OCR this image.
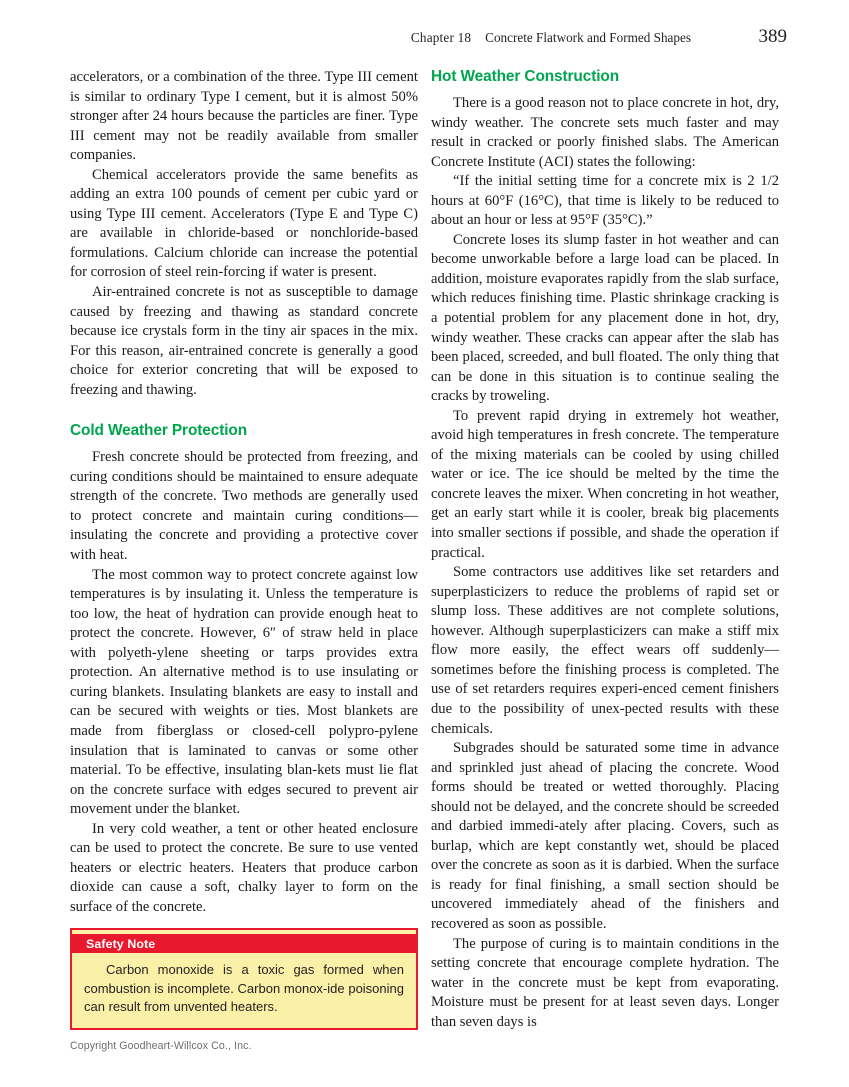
Chapter 18 Concrete Flatwork and Formed Shapes	389

accelerators, or a combination of the three. Type III cement is similar to ordinary Type I cement, but it is almost 50% stronger after 24 hours because the particles are finer. Type III cement may not be readily available from smaller companies.

Chemical accelerators provide the same benefits as adding an extra 100 pounds of cement per cubic yard or using Type III cement. Accelerators (Type E and Type C) are available in chloride-based or nonchloride-based formulations. Calcium chloride can increase the potential for corrosion of steel rein‐forcing if water is present.

Air-entrained concrete is not as susceptible to damage caused by freezing and thawing as standard concrete because ice crystals form in the tiny air spaces in the mix. For this reason, air-entrained concrete is generally a good choice for exterior concreting that will be exposed to freezing and thawing.

Cold Weather Protection

Fresh concrete should be protected from freezing, and curing conditions should be maintained to ensure adequate strength of the concrete. Two methods are generally used to protect concrete and maintain curing conditions—insulating the concrete and providing a protective cover with heat.

The most common way to protect concrete against low temperatures is by insulating it. Unless the temperature is too low, the heat of hydration can provide enough heat to protect the concrete. However, 6″ of straw held in place with polyeth‐ylene sheeting or tarps provides extra protection. An alternative method is to use insulating or curing blankets. Insulating blankets are easy to install and can be secured with weights or ties. Most blankets are made from fiberglass or closed-cell polypro‐pylene insulation that is laminated to canvas or some other material. To be effective, insulating blan‐kets must lie flat on the concrete surface with edges secured to prevent air movement under the blanket.

In very cold weather, a tent or other heated enclosure can be used to protect the concrete. Be sure to use vented heaters or electric heaters. Heaters that produce carbon dioxide can cause a soft, chalky layer to form on the surface of the concrete.

Safety Note

Carbon monoxide is a toxic gas formed when combustion is incomplete. Carbon monox‐ide poisoning can result from unvented heaters.

Hot Weather Construction

There is a good reason not to place concrete in hot, dry, windy weather. The concrete sets much faster and may result in cracked or poorly finished slabs. The American Concrete Institute (ACI) states the following:

“If the initial setting time for a concrete mix is 2 1/2 hours at 60°F (16°C), that time is likely to be reduced to about an hour or less at 95°F (35°C).”

Concrete loses its slump faster in hot weather and can become unworkable before a large load can be placed. In addition, moisture evaporates rapidly from the slab surface, which reduces finishing time. Plastic shrinkage cracking is a potential problem for any placement done in hot, dry, windy weather. These cracks can appear after the slab has been placed, screeded, and bull floated. The only thing that can be done in this situation is to continue sealing the cracks by troweling.

To prevent rapid drying in extremely hot weather, avoid high temperatures in fresh concrete. The temperature of the mixing materials can be cooled by using chilled water or ice. The ice should be melted by the time the concrete leaves the mixer. When concreting in hot weather, get an early start while it is cooler, break big placements into smaller sections if possible, and shade the operation if practical.

Some contractors use additives like set retarders and superplasticizers to reduce the problems of rapid set or slump loss. These additives are not complete solutions, however. Although superplasticizers can make a stiff mix flow more easily, the effect wears off suddenly—sometimes before the finishing process is completed. The use of set retarders requires experi‐enced cement finishers due to the possibility of unex‐pected results with these chemicals.

Subgrades should be saturated some time in advance and sprinkled just ahead of placing the concrete. Wood forms should be treated or wetted thoroughly. Placing should not be delayed, and the concrete should be screeded and darbied immedi‐ately after placing. Covers, such as burlap, which are kept constantly wet, should be placed over the concrete as soon as it is darbied. When the surface is ready for final finishing, a small section should be uncovered immediately ahead of the finishers and recovered as soon as possible.

The purpose of curing is to maintain conditions in the setting concrete that encourage complete hydration. The water in the concrete must be kept from evaporating. Moisture must be present for at least seven days. Longer than seven days is

Copyright Goodheart-Willcox Co., Inc.
